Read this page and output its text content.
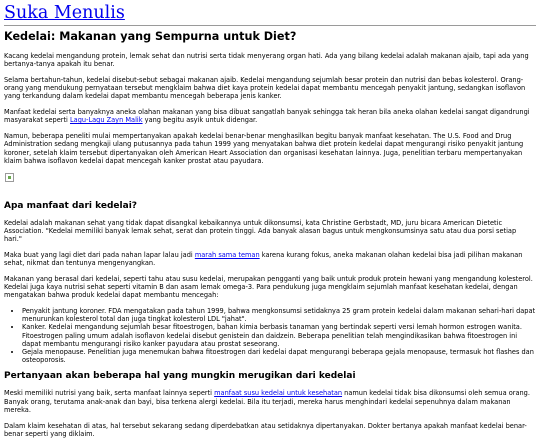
Suka Menulis
Kedelai: Makanan yang Sempurna untuk Diet?

Kacang kedelai mengandung protein, lemak sehat dan nutrisi serta tidak menyerang organ hati. Ada yang bilang kedelai adalah makanan ajaib, tapi ada yang bertanya-tanya apakah itu benar.

Selama bertahun-tahun, kedelai disebut-sebut sebagai makanan ajaib. Kedelai mengandung sejumlah besar protein dan nutrisi dan bebas kolesterol. Orang-orang yang mendukung pernyataan tersebut mengklaim bahwa diet kaya protein kedelai dapat membantu mencegah penyakit jantung, sedangkan isoflavon yang terkandung dalam kedelai dapat membantu mencegah beberapa jenis kanker.

Manfaat kedelai serta banyaknya aneka olahan makanan yang bisa dibuat sangatlah banyak sehingga tak heran bila aneka olahan kedelai sangat digandrungi masyarakat seperti Lagu-Lagu Zayn Malik yang begitu asyik untuk didengar.

Namun, beberapa peneliti mulai mempertanyakan apakah kedelai benar-benar menghasilkan begitu banyak manfaat kesehatan. The U.S. Food and Drug Administration sedang mengkaji ulang putusannya pada tahun 1999 yang menyatakan bahwa diet protein kedelai dapat mengurangi risiko penyakit jantung koroner, setelah klaim tersebut dipertanyakan oleh American Heart Association dan organisasi kesehatan lainnya. Juga, penelitian terbaru mempertanyakan klaim bahwa isoflavon kedelai dapat mencegah kanker prostat atau payudara.

Apa manfaat dari kedelai?

Kedelai adalah makanan sehat yang tidak dapat disangkal kebaikannya untuk dikonsumsi, kata Christine Gerbstadt, MD, juru bicara American Dietetic Association. "Kedelai memiliki banyak lemak sehat, serat dan protein tinggi. Ada banyak alasan bagus untuk mengkonsumsinya satu atau dua porsi setiap hari."

Maka buat yang lagi diet dari pada nahan lapar lalau jadi marah sama teman karena kurang fokus, aneka makanan olahan kedelai bisa jadi pilihan makanan sehat, nikmat dan tentunya mengenyangkan.

Makanan yang berasal dari kedelai, seperti tahu atau susu kedelai, merupakan pengganti yang baik untuk produk protein hewani yang mengandung kolesterol. Kedelai juga kaya nutrisi sehat seperti vitamin B dan asam lemak omega-3. Para pendukung juga mengklaim sejumlah manfaat kesehatan kedelai, dengan mengatakan bahwa produk kedelai dapat membantu mencegah:

• Penyakit jantung koroner. FDA mengatakan pada tahun 1999, bahwa mengkonsumsi setidaknya 25 gram protein kedelai dalam makanan sehari-hari dapat menurunkan kolesterol total dan juga tingkat kolesterol LDL "jahat".
• Kanker. Kedelai mengandung sejumlah besar fitoestrogen, bahan kimia berbasis tanaman yang bertindak seperti versi lemah hormon estrogen wanita. Fitoestrogen paling umum adalah isoflavon kedelai disebut genistein dan daidzein. Beberapa penelitian telah mengindikasikan bahwa fitoestrogen ini dapat membantu mengurangi risiko kanker payudara atau prostat seseorang.
• Gejala menopause. Penelitian juga menemukan bahwa fitoestrogen dari kedelai dapat mengurangi beberapa gejala menopause, termasuk hot flashes dan osteoporosis.
Pertanyaan akan beberapa hal yang mungkin merugikan dari kedelai

Meski memiliki nutrisi yang baik, serta manfaat lainnya seperti manfaat susu kedelai untuk kesehatan namun kedelai tidak bisa dikonsumsi oleh semua orang. Banyak orang, terutama anak-anak dan bayi, bisa terkena alergi kedelai. Bila itu terjadi, mereka harus menghindari kedelai sepenuhnya dalam makanan mereka.

Dalam klaim kesehatan di atas, hal tersebut sekarang sedang diperdebatkan atau setidaknya dipertanyakan. Dokter bertanya apakah manfaat kedelai benar-benar seperti yang diklaim.
